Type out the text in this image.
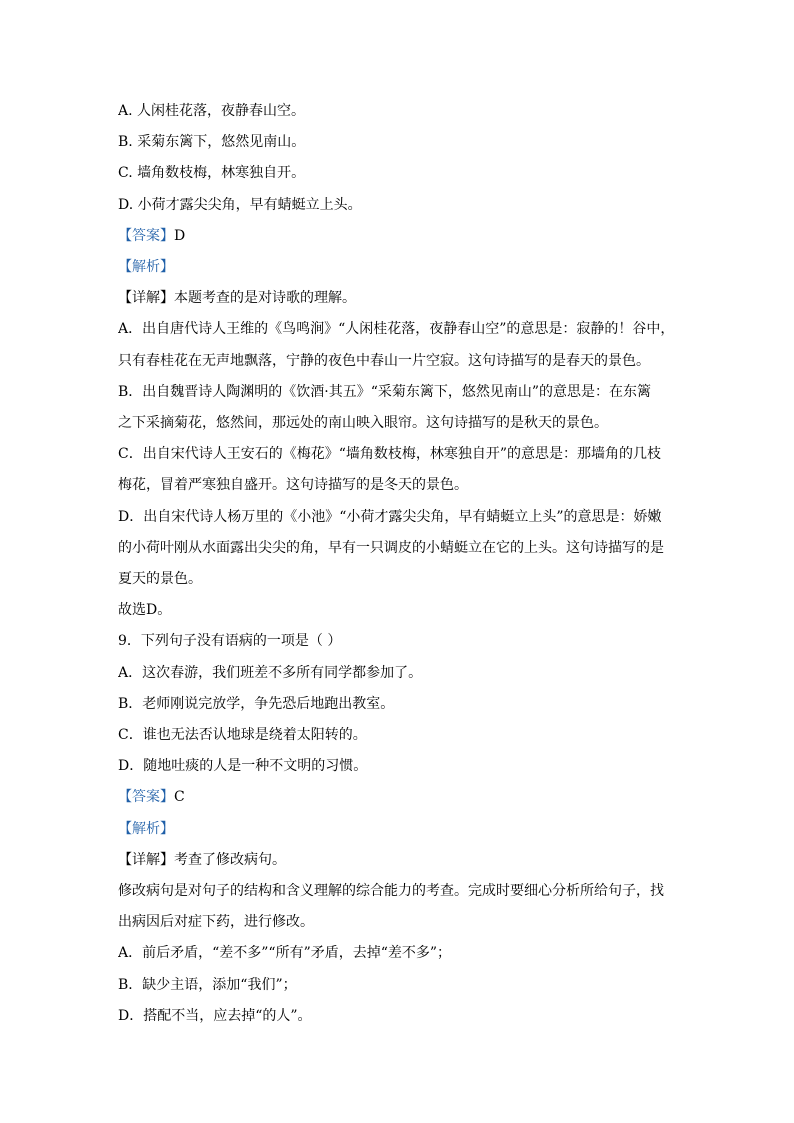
A. 人闲桂花落，夜静春山空。
B. 采菊东篱下，悠然见南山。
C. 墙角数枝梅，林寒独自开。
D. 小荷才露尖尖角，早有蜻蜓立上头。
【答案】D
【解析】
【详解】本题考查的是对诗歌的理解。
A．出自唐代诗人王维的《鸟鸣涧》“人闲桂花落，夜静春山空”的意思是：寂静的！谷中，
只有春桂花在无声地飘落，宁静的夜色中春山一片空寂。这句诗描写的是春天的景色。
B．出自魏晋诗人陶渊明的《饮酒·其五》“采菊东篱下，悠然见南山”的意思是：在东篱
之下采摘菊花，悠然间，那远处的南山映入眼帘。这句诗描写的是秋天的景色。
C．出自宋代诗人王安石的《梅花》“墙角数枝梅，林寒独自开”的意思是：那墙角的几枝
梅花，冒着严寒独自盛开。这句诗描写的是冬天的景色。
D．出自宋代诗人杨万里的《小池》“小荷才露尖尖角，早有蜻蜓立上头”的意思是：娇嫩
的小荷叶刚从水面露出尖尖的角，早有一只调皮的小蜻蜓立在它的上头。这句诗描写的是
夏天的景色。
故选D。
9．下列句子没有语病的一项是（ ）
A．这次春游，我们班差不多所有同学都参加了。
B．老师刚说完放学，争先恐后地跑出教室。
C．谁也无法否认地球是绕着太阳转的。
D．随地吐痰的人是一种不文明的习惯。
【答案】C
【解析】
【详解】考查了修改病句。
修改病句是对句子的结构和含义理解的综合能力的考查。完成时要细心分析所给句子，找
出病因后对症下药，进行修改。
A．前后矛盾，“差不多”“所有”矛盾，去掉“差不多”；
B．缺少主语，添加“我们”；
D．搭配不当，应去掉“的人”。
